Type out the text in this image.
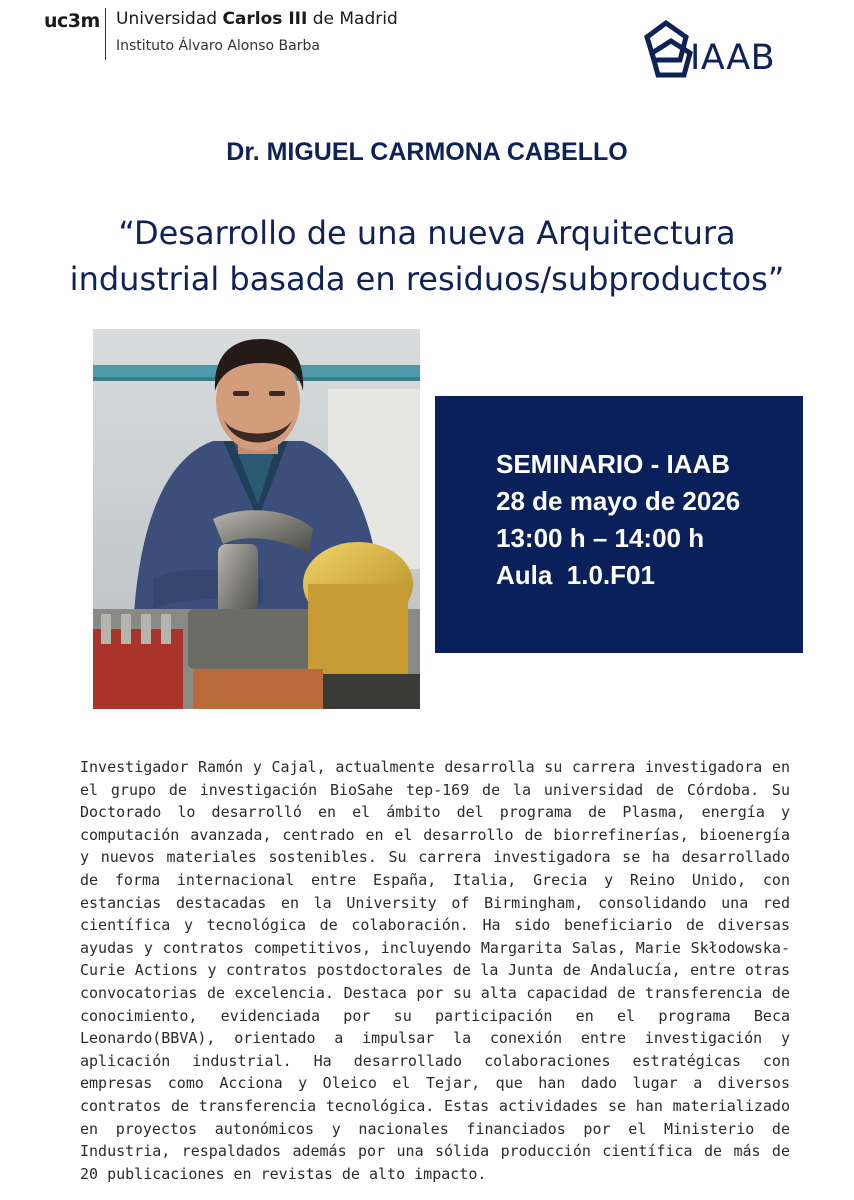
uc3m Universidad Carlos III de Madrid
Instituto Álvaro Alonso Barba	IAAB
Dr. MIGUEL CARMONA CABELLO
“Desarrollo de una nueva Arquitectura
industrial basada en residuos/subproductos”
SEMINARIO - IAAB
28 de mayo de 2026
13:00 h – 14:00 h
Aula  1.0.F01
Investigador Ramón y Cajal, actualmente desarrolla su carrera investigadora en el grupo de investigación BioSahe tep-169 de la universidad de Córdoba. Su Doctorado lo desarrolló en el ámbito del programa de Plasma, energía y computación avanzada, centrado en el desarrollo de biorrefinerías, bioenergía y nuevos materiales sostenibles. Su carrera investigadora se ha desarrollado de forma internacional entre España, Italia, Grecia y Reino Unido, con estancias destacadas en la University of Birmingham, consolidando una red científica y tecnológica de colaboración. Ha sido beneficiario de diversas ayudas y contratos competitivos, incluyendo Margarita Salas, Marie Skłodowska-Curie Actions y contratos postdoctorales de la Junta de Andalucía, entre otras convocatorias de excelencia. Destaca por su alta capacidad de transferencia de conocimiento, evidenciada por su participación en el programa Beca Leonardo(BBVA), orientado a impulsar la conexión entre investigación y aplicación industrial. Ha desarrollado colaboraciones estratégicas con empresas como Acciona y Oleico el Tejar, que han dado lugar a diversos contratos de transferencia tecnológica. Estas actividades se han materializado en proyectos autonómicos y nacionales financiados por el Ministerio de Industria, respaldados además por una sólida producción científica de más de 20 publicaciones en revistas de alto impacto.
